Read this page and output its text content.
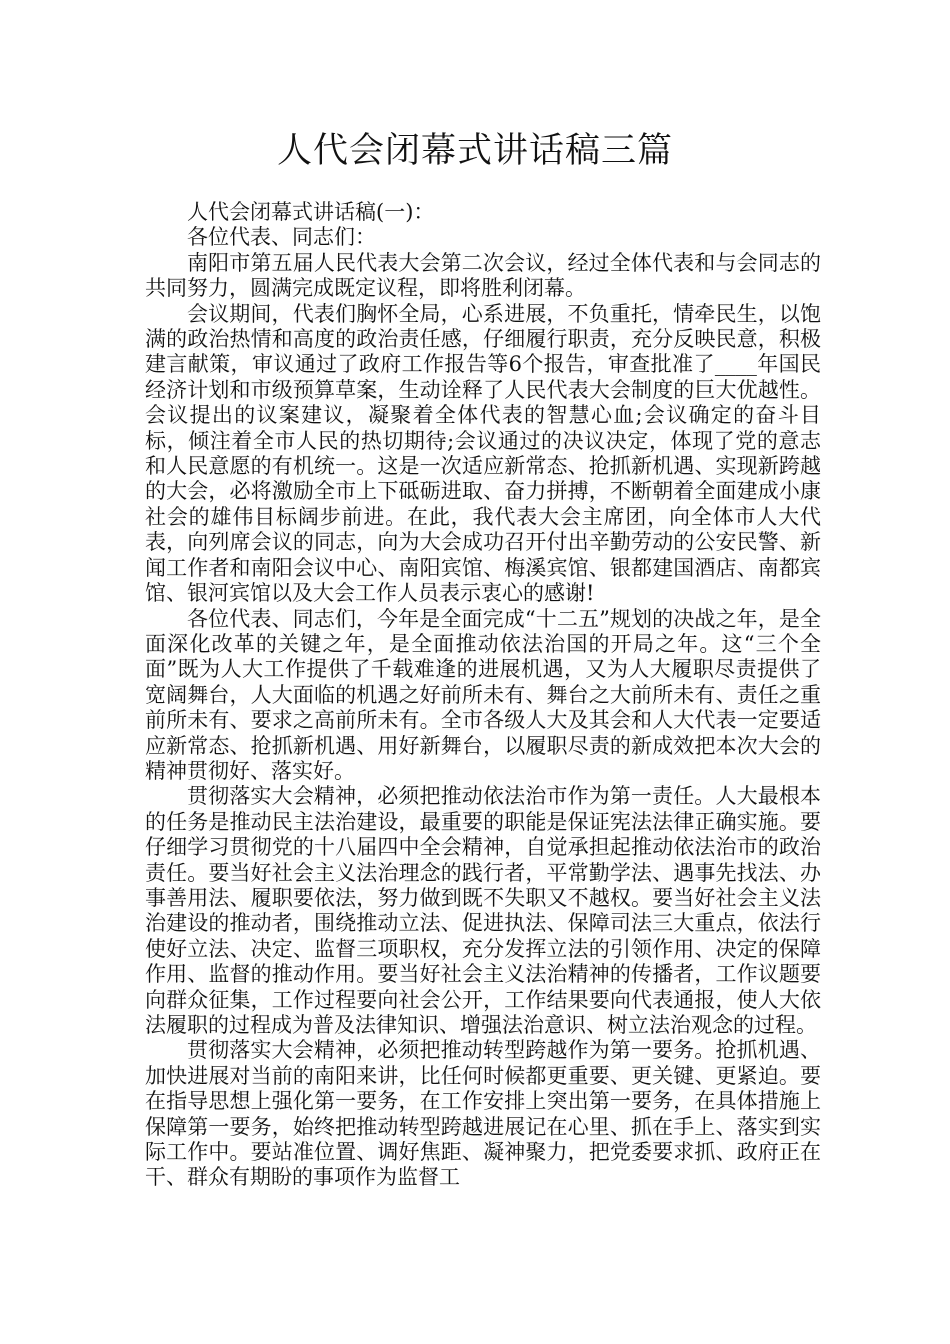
人代会闭幕式讲话稿三篇

人代会闭幕式讲话稿(一)：

各位代表、同志们：

南阳市第五届人民代表大会第二次会议，经过全体代表和与会同志的共同努力，圆满完成既定议程，即将胜利闭幕。

会议期间，代表们胸怀全局，心系进展，不负重托，情牵民生，以饱满的政治热情和高度的政治责任感，仔细履行职责，充分反映民意，积极建言献策，审议通过了政府工作报告等6个报告，审查批准了____年国民经济计划和市级预算草案，生动诠释了人民代表大会制度的巨大优越性。会议提出的议案建议，凝聚着全体代表的智慧心血;会议确定的奋斗目标，倾注着全市人民的热切期待;会议通过的决议决定，体现了党的意志和人民意愿的有机统一。这是一次适应新常态、抢抓新机遇、实现新跨越的大会，必将激励全市上下砥砺进取、奋力拼搏，不断朝着全面建成小康社会的雄伟目标阔步前进。在此，我代表大会主席团，向全体市人大代表，向列席会议的同志，向为大会成功召开付出辛勤劳动的公安民警、新闻工作者和南阳会议中心、南阳宾馆、梅溪宾馆、银都建国酒店、南都宾馆、银河宾馆以及大会工作人员表示衷心的感谢!

各位代表、同志们，今年是全面完成“十二五”规划的决战之年，是全面深化改革的关键之年，是全面推动依法治国的开局之年。这“三个全面”既为人大工作提供了千载难逢的进展机遇，又为人大履职尽责提供了宽阔舞台，人大面临的机遇之好前所未有、舞台之大前所未有、责任之重前所未有、要求之高前所未有。全市各级人大及其会和人大代表一定要适应新常态、抢抓新机遇、用好新舞台，以履职尽责的新成效把本次大会的精神贯彻好、落实好。

贯彻落实大会精神，必须把推动依法治市作为第一责任。人大最根本的任务是推动民主法治建设，最重要的职能是保证宪法法律正确实施。要仔细学习贯彻党的十八届四中全会精神，自觉承担起推动依法治市的政治责任。要当好社会主义法治理念的践行者，平常勤学法、遇事先找法、办事善用法、履职要依法，努力做到既不失职又不越权。要当好社会主义法治建设的推动者，围绕推动立法、促进执法、保障司法三大重点，依法行使好立法、决定、监督三项职权，充分发挥立法的引领作用、决定的保障作用、监督的推动作用。要当好社会主义法治精神的传播者，工作议题要向群众征集，工作过程要向社会公开，工作结果要向代表通报，使人大依法履职的过程成为普及法律知识、增强法治意识、树立法治观念的过程。

贯彻落实大会精神，必须把推动转型跨越作为第一要务。抢抓机遇、加快进展对当前的南阳来讲，比任何时候都更重要、更关键、更紧迫。要在指导思想上强化第一要务，在工作安排上突出第一要务，在具体措施上保障第一要务，始终把推动转型跨越进展记在心里、抓在手上、落实到实际工作中。要站准位置、调好焦距、凝神聚力，把党委要求抓、政府正在干、群众有期盼的事项作为监督工
